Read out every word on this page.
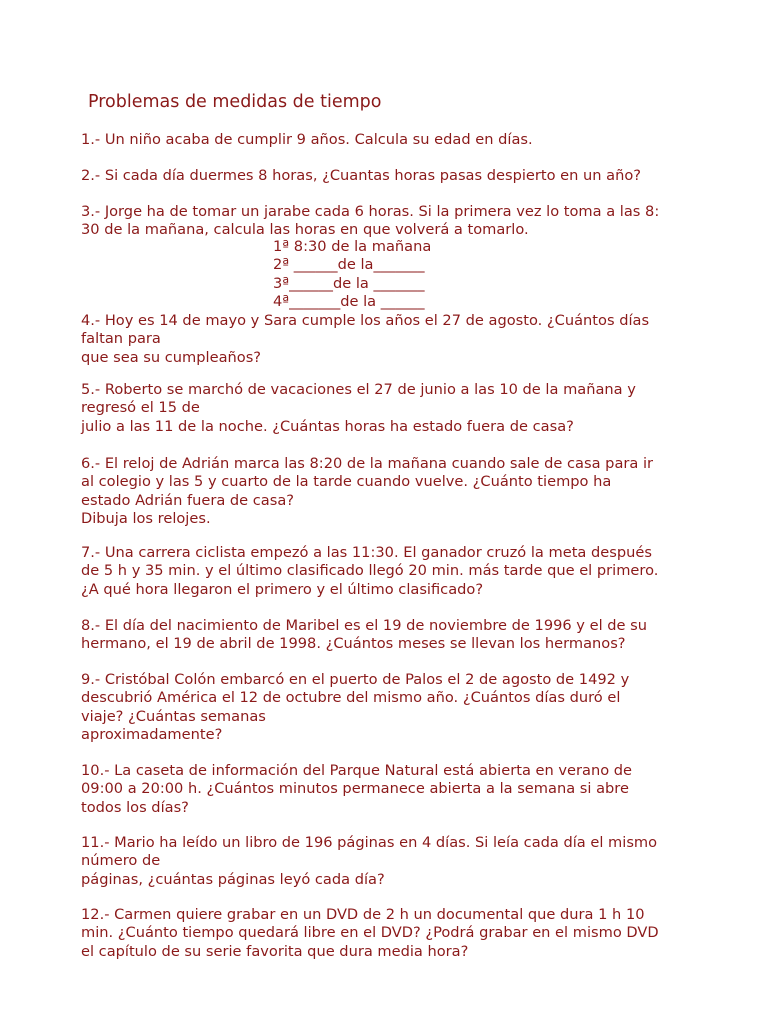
Problemas de medidas de tiempo
1.- Un niño acaba de cumplir 9 años. Calcula su edad en días.
2.- Si cada día duermes 8 horas, ¿Cuantas horas pasas despierto en un año?
3.- Jorge ha de tomar un jarabe cada 6 horas. Si la primera vez lo toma a las 8:
30 de la mañana, calcula las horas en que volverá a tomarlo.
1ª 8:30 de la mañana
2ª ______de la_______
3ª______de la _______
4ª_______de la ______
4.- Hoy es 14 de mayo y Sara cumple los años el 27 de agosto. ¿Cuántos días
faltan para
que sea su cumpleaños?
5.- Roberto se marchó de vacaciones el 27 de junio a las 10 de la mañana y
regresó el 15 de
julio a las 11 de la noche. ¿Cuántas horas ha estado fuera de casa?
6.- El reloj de Adrián marca las 8:20 de la mañana cuando sale de casa para ir
al colegio y las 5 y cuarto de la tarde cuando vuelve. ¿Cuánto tiempo ha
estado Adrián fuera de casa?
Dibuja los relojes.
7.- Una carrera ciclista empezó a las 11:30. El ganador cruzó la meta después
de 5 h y 35 min. y el último clasificado llegó 20 min. más tarde que el primero.
¿A qué hora llegaron el primero y el último clasificado?
8.- El día del nacimiento de Maribel es el 19 de noviembre de 1996 y el de su
hermano, el 19 de abril de 1998. ¿Cuántos meses se llevan los hermanos?
9.- Cristóbal Colón embarcó en el puerto de Palos el 2 de agosto de 1492 y
descubrió América el 12 de octubre del mismo año. ¿Cuántos días duró el
viaje? ¿Cuántas semanas
aproximadamente?
10.- La caseta de información del Parque Natural está abierta en verano de
09:00 a 20:00 h. ¿Cuántos minutos permanece abierta a la semana si abre
todos los días?
11.- Mario ha leído un libro de 196 páginas en 4 días. Si leía cada día el mismo
número de
páginas, ¿cuántas páginas leyó cada día?
12.- Carmen quiere grabar en un DVD de 2 h un documental que dura 1 h 10
min. ¿Cuánto tiempo quedará libre en el DVD? ¿Podrá grabar en el mismo DVD
el capítulo de su serie favorita que dura media hora?
